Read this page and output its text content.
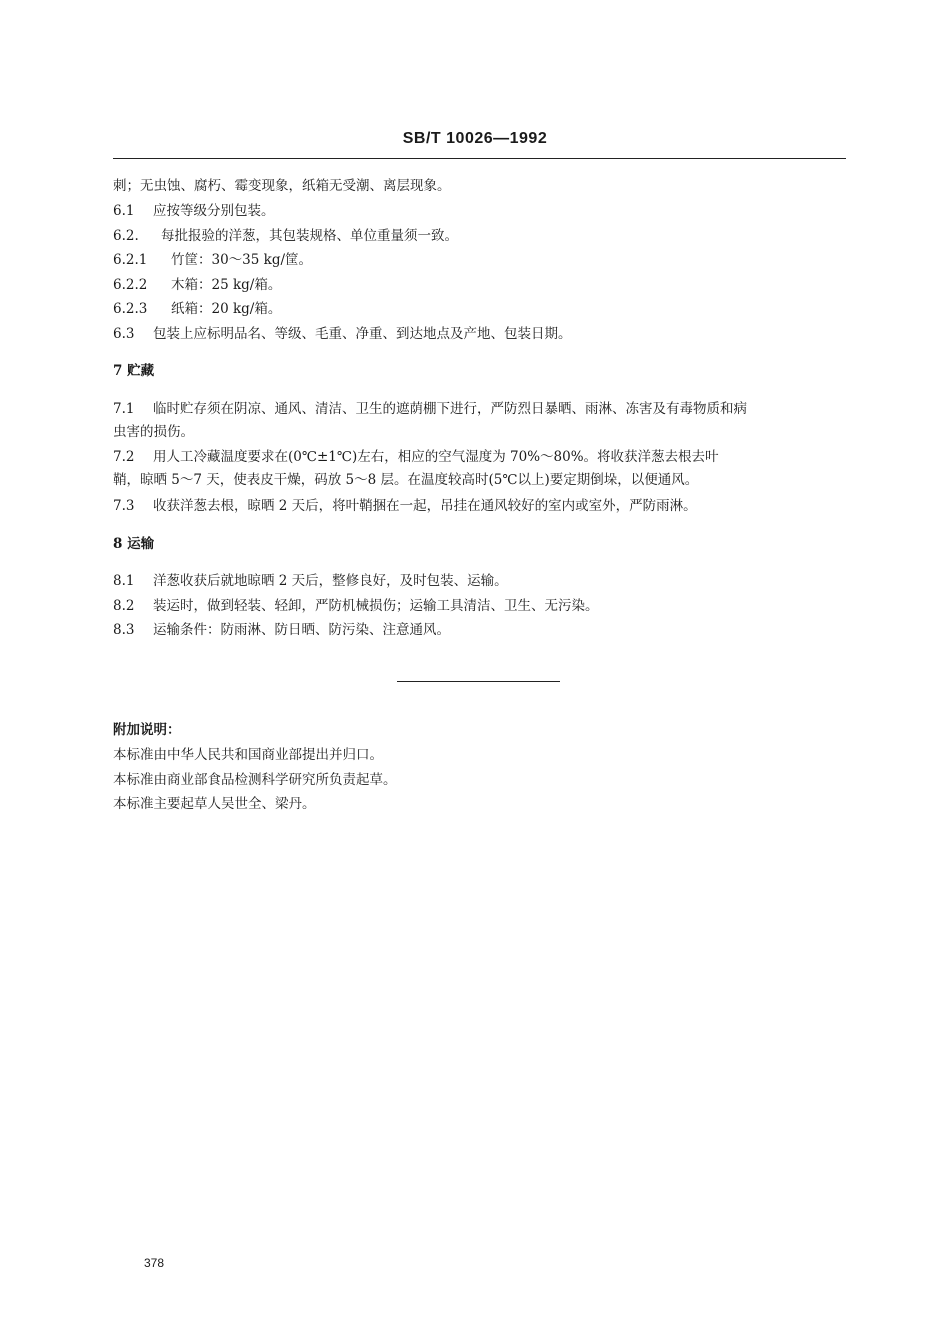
SB/T 10026—1992
刺；无虫蚀、腐朽、霉变现象，纸箱无受潮、离层现象。
6.1 应按等级分别包装。
6.2. 每批报验的洋葱，其包装规格、单位重量须一致。
6.2.1 竹筐：30～35 kg/筐。
6.2.2 木箱：25 kg/箱。
6.2.3 纸箱：20 kg/箱。
6.3 包装上应标明品名、等级、毛重、净重、到达地点及产地、包装日期。
7 贮藏
7.1 临时贮存须在阴凉、通风、清洁、卫生的遮荫棚下进行，严防烈日暴晒、雨淋、冻害及有毒物质和病
虫害的损伤。
7.2 用人工冷藏温度要求在(0℃±1℃)左右，相应的空气湿度为 70%～80%。将收获洋葱去根去叶
鞘，晾晒 5～7 天，使表皮干燥，码放 5～8 层。在温度较高时(5℃以上)要定期倒垛，以便通风。
7.3 收获洋葱去根，晾晒 2 天后，将叶鞘捆在一起，吊挂在通风较好的室内或室外，严防雨淋。
8 运输
8.1 洋葱收获后就地晾晒 2 天后，整修良好，及时包装、运输。
8.2 装运时，做到轻装、轻卸，严防机械损伤；运输工具清洁、卫生、无污染。
8.3 运输条件：防雨淋、防日晒、防污染、注意通风。
附加说明：
本标准由中华人民共和国商业部提出并归口。
本标准由商业部食品检测科学研究所负责起草。
本标准主要起草人吴世全、梁丹。
378
